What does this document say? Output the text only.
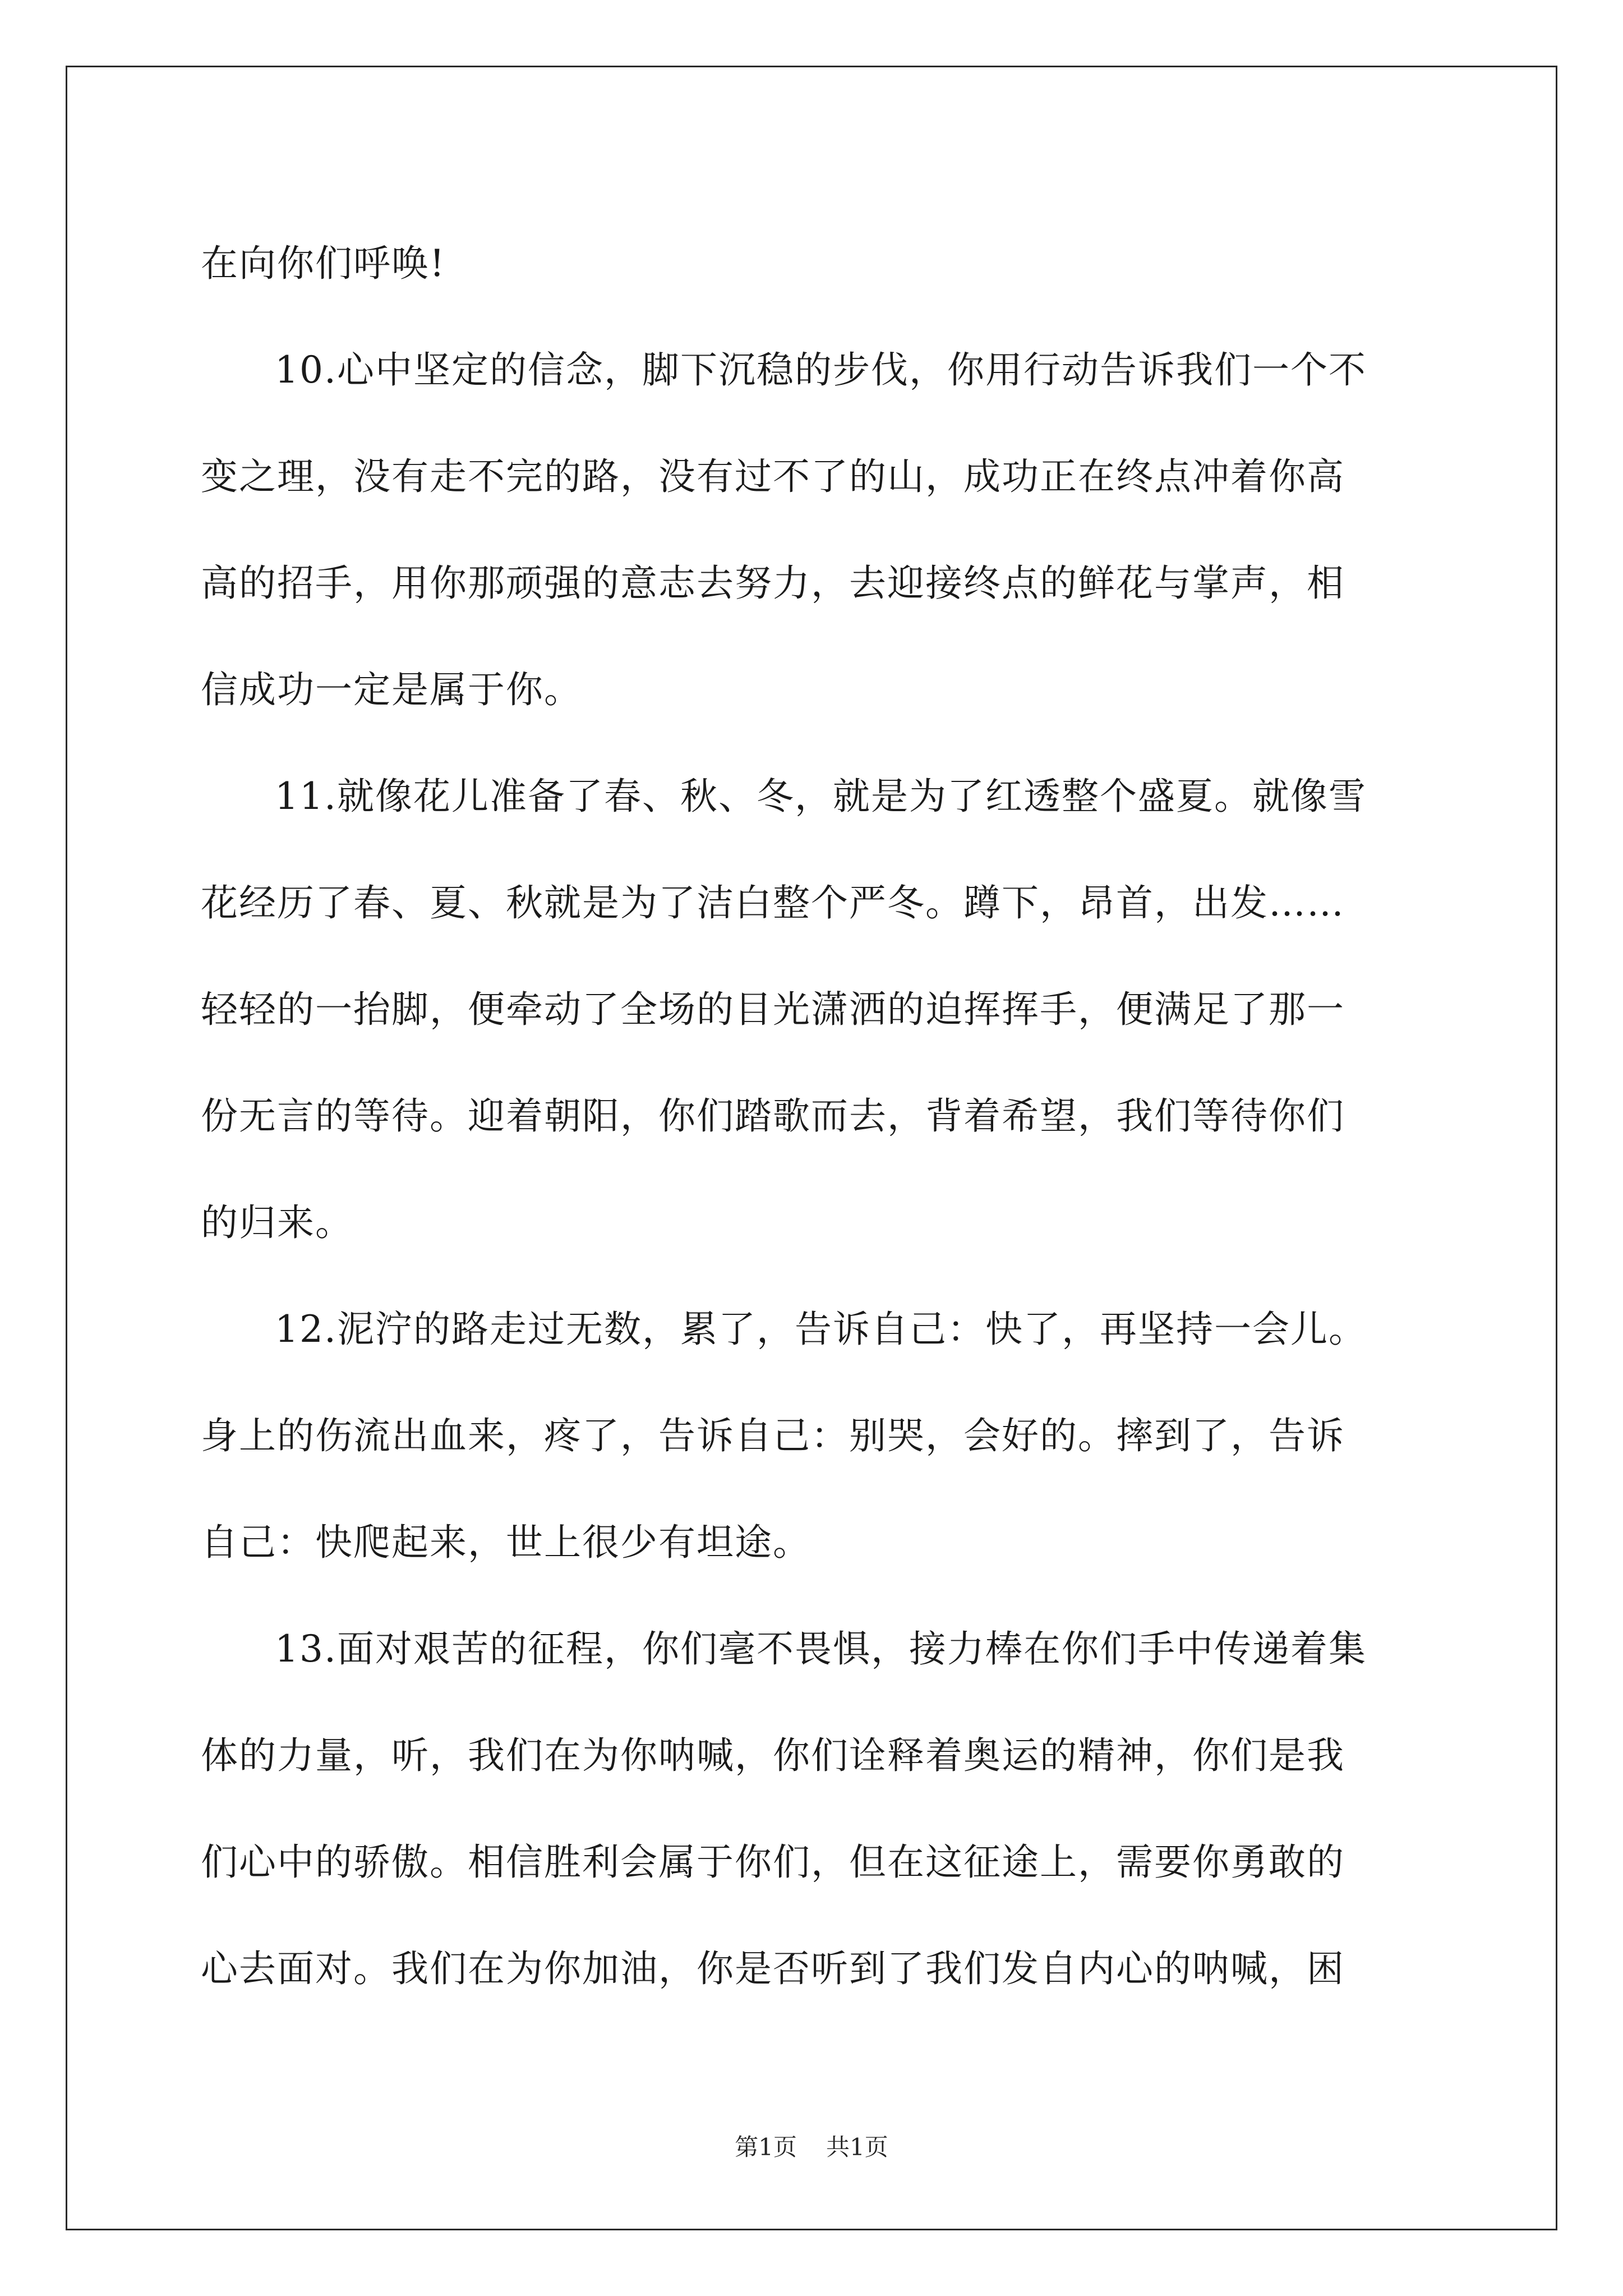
在向你们呼唤!
10.心中坚定的信念，脚下沉稳的步伐，你用行动告诉我们一个不
变之理，没有走不完的路，没有过不了的山，成功正在终点冲着你高
高的招手，用你那顽强的意志去努力，去迎接终点的鲜花与掌声，相
信成功一定是属于你。
11.就像花儿准备了春、秋、冬，就是为了红透整个盛夏。就像雪
花经历了春、夏、秋就是为了洁白整个严冬。蹲下，昂首，出发……
轻轻的一抬脚，便牵动了全场的目光潇洒的迫挥挥手，便满足了那一
份无言的等待。迎着朝阳，你们踏歌而去，背着希望，我们等待你们
的归来。
12.泥泞的路走过无数，累了，告诉自己：快了，再坚持一会儿。
身上的伤流出血来，疼了，告诉自己：别哭，会好的。摔到了，告诉
自己：快爬起来，世上很少有坦途。
13.面对艰苦的征程，你们毫不畏惧，接力棒在你们手中传递着集
体的力量，听，我们在为你呐喊，你们诠释着奥运的精神，你们是我
们心中的骄傲。相信胜利会属于你们，但在这征途上，需要你勇敢的
心去面对。我们在为你加油，你是否听到了我们发自内心的呐喊，困
第1页 共1页
